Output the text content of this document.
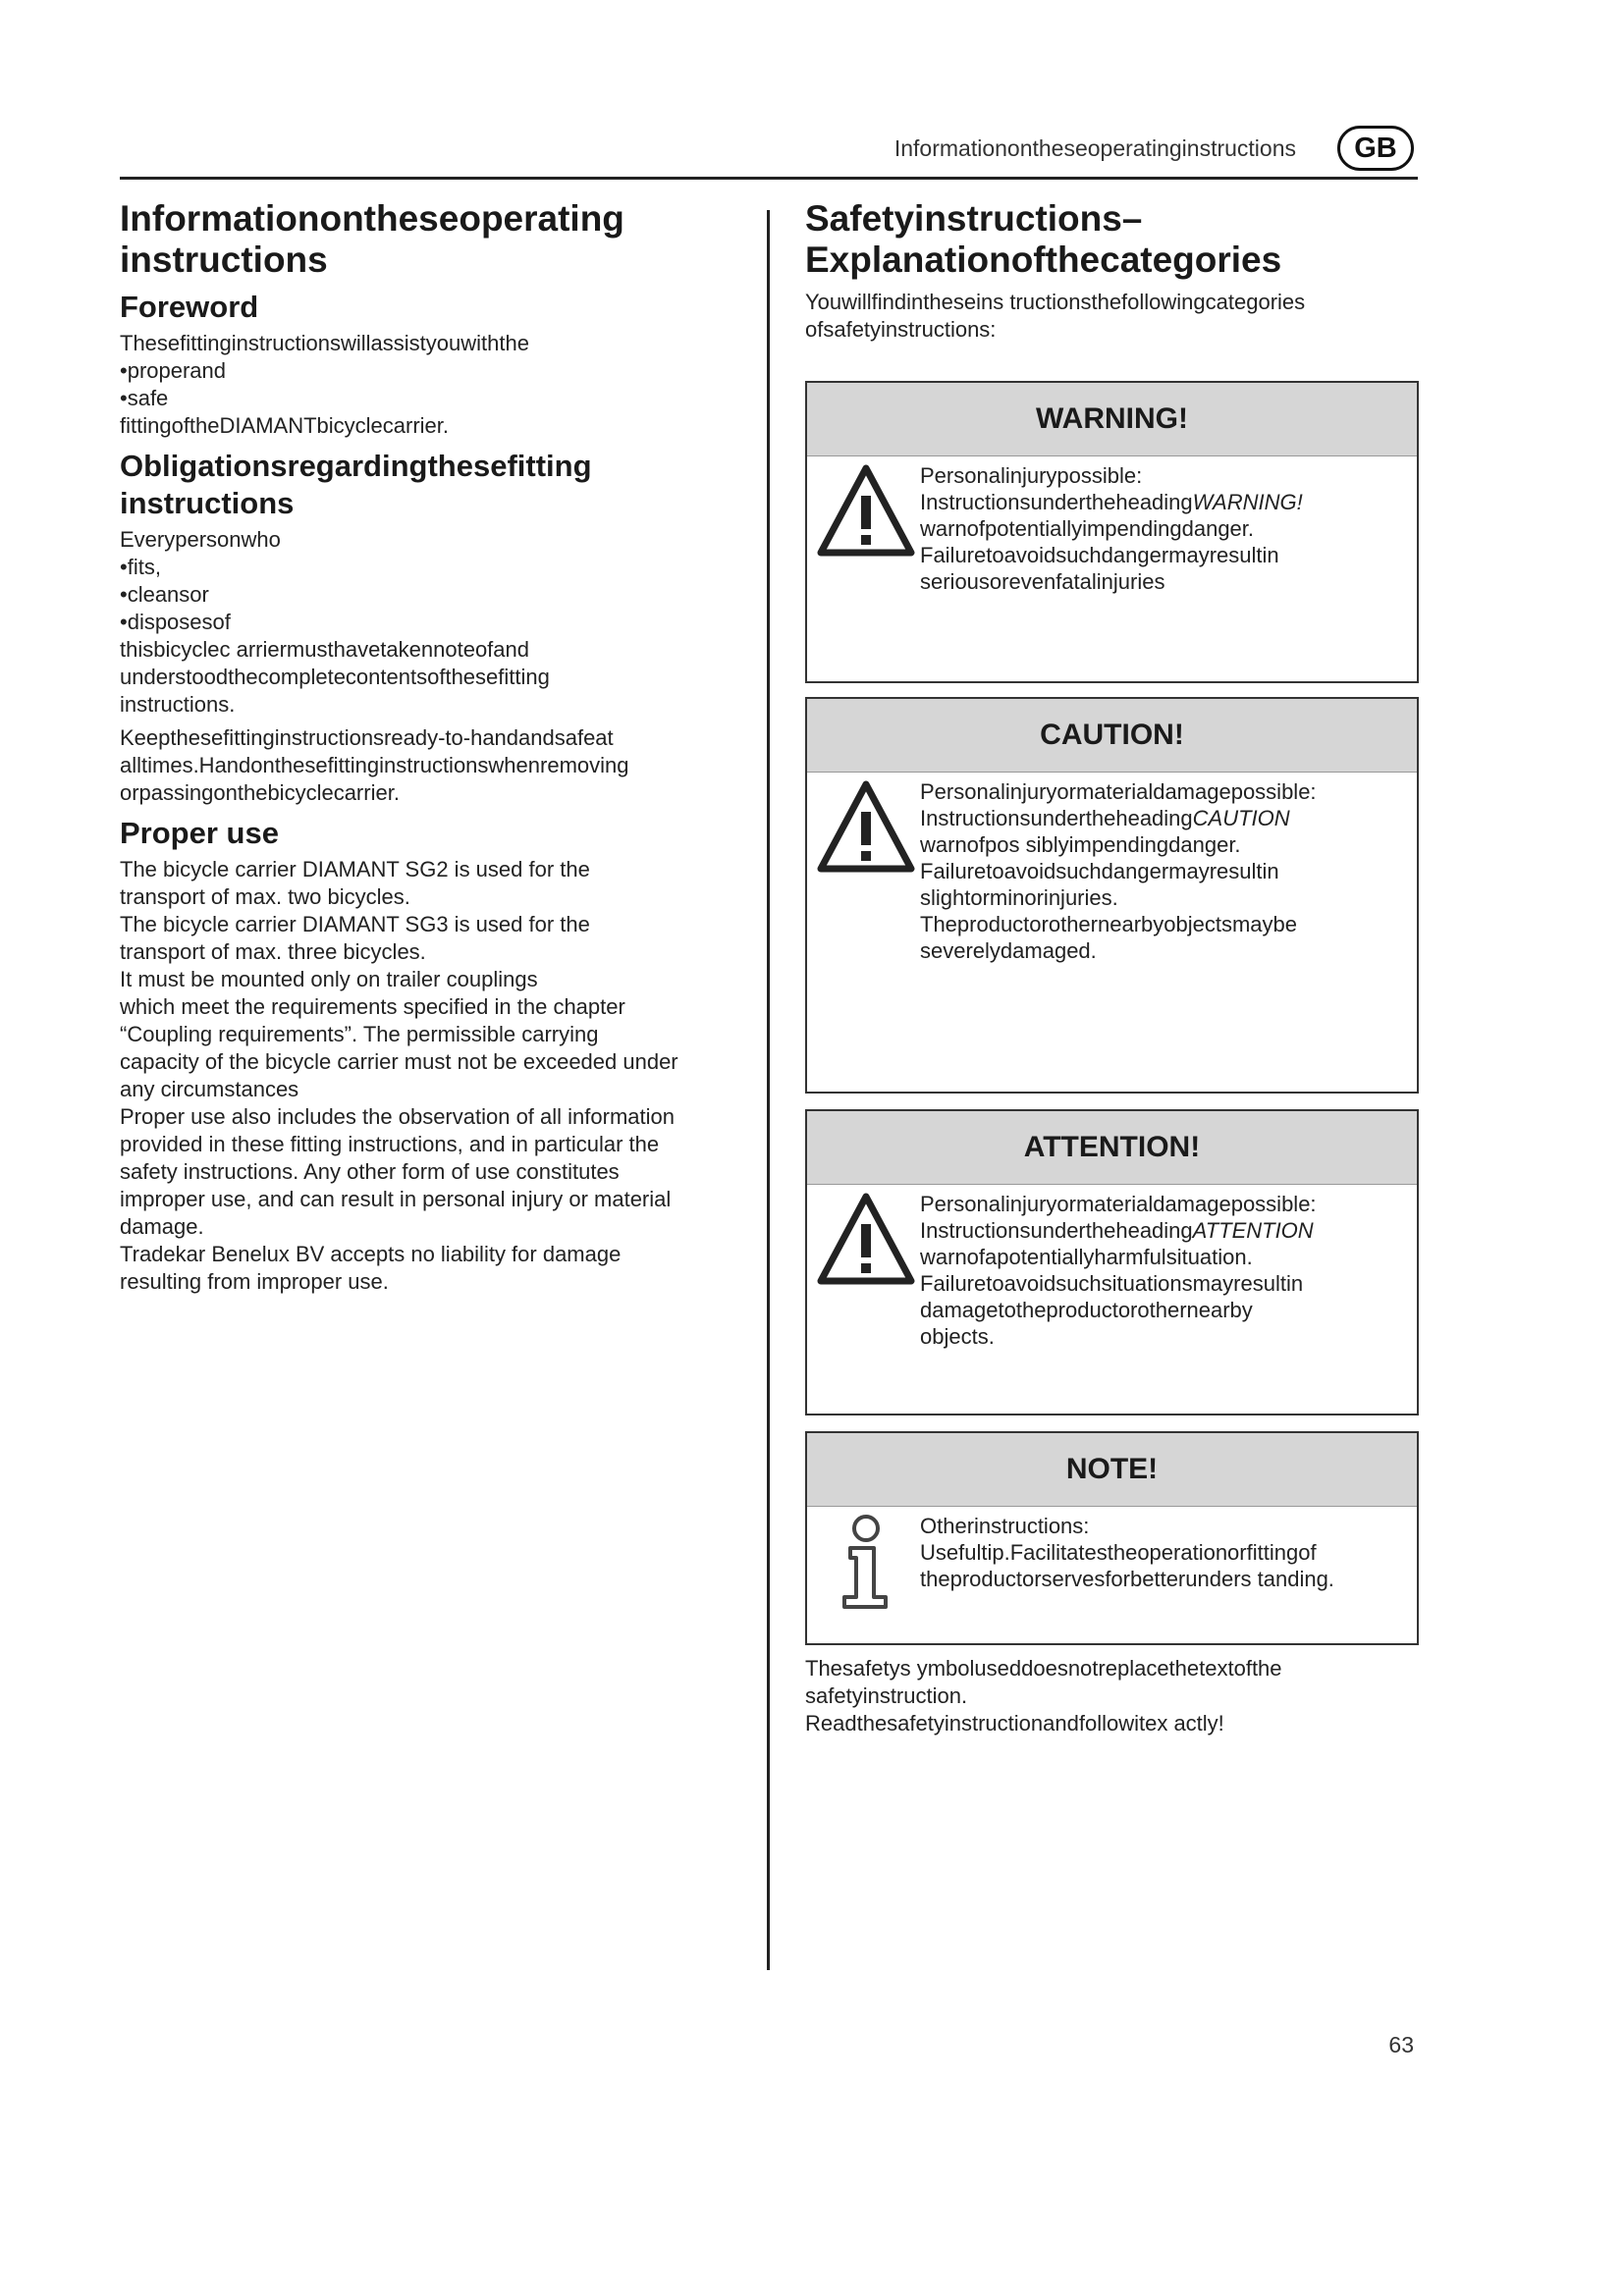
Informationontheseoperatinginstructions	GB
Informationontheseoperating instructions
Foreword

Thesefittinginstructionswillassistyouwiththe

•properand

•safe

fittingoftheDIAMANTbicyclecarrier.

Obligationsregardingthesefitting instructions

Everypersonwho

•fits,

•cleansor

•disposesof

thisbicyclec arriermusthavetakennoteofand

understoodthecompletecontentsofthesefitting

instructions.

Keepthesefittinginstructionsready-to-handandsafeat

alltimes.Handonthesefittinginstructionswhenremoving

orpassingonthebicyclecarrier.

Proper use

The bicycle carrier DIAMANT SG2 is used for the

transport of max. two bicycles.

The bicycle carrier DIAMANT SG3 is used for the

transport of max. three bicycles.

It must be mounted only on trailer couplings

which meet the requirements specified in the chapter

“Coupling requirements”. The permissible carrying

capacity of the bicycle carrier must not be exceeded under

any circumstances

Proper use also includes the observation of all information

provided in these fitting instructions, and in particular the

safety instructions. Any other form of use constitutes

improper use, and can result in personal injury or material

damage.

Tradekar Benelux BV accepts no liability for damage

resulting from improper use.

Safetyinstructions– Explanationofthecategories

Youwillfindintheseins tructionsthefollowingcategories

ofsafetyinstructions:

WARNING!

Personalinjurypossible:

InstructionsundertheheadingWARNING!

warnofpotentiallyimpendingdanger.

Failuretoavoidsuchdangermayresultin

seriousorevenfatalinjuries

CAUTION!

Personalinjuryormaterialdamagepossible:

InstructionsundertheheadingCAUTION

warnofpos siblyimpendingdanger.

Failuretoavoidsuchdangermayresultin

slightorminorinjuries.

Theproductorothernearbyobjectsmaybe

severelydamaged.

ATTENTION!

Personalinjuryormaterialdamagepossible:

InstructionsundertheheadingATTENTION

warnofapotentiallyharmfulsituation.

Failuretoavoidsuchsituationsmayresultin

damagetotheproductorothernearby

objects.

NOTE!

Otherinstructions:

Usefultip.Facilitatestheoperationorfittingof

theproductorservesforbetterunders tanding.

Thesafetys ymboluseddoesnotreplacethetextofthe

safetyinstruction.

Readthesafetyinstructionandfollowitex actly!

63
